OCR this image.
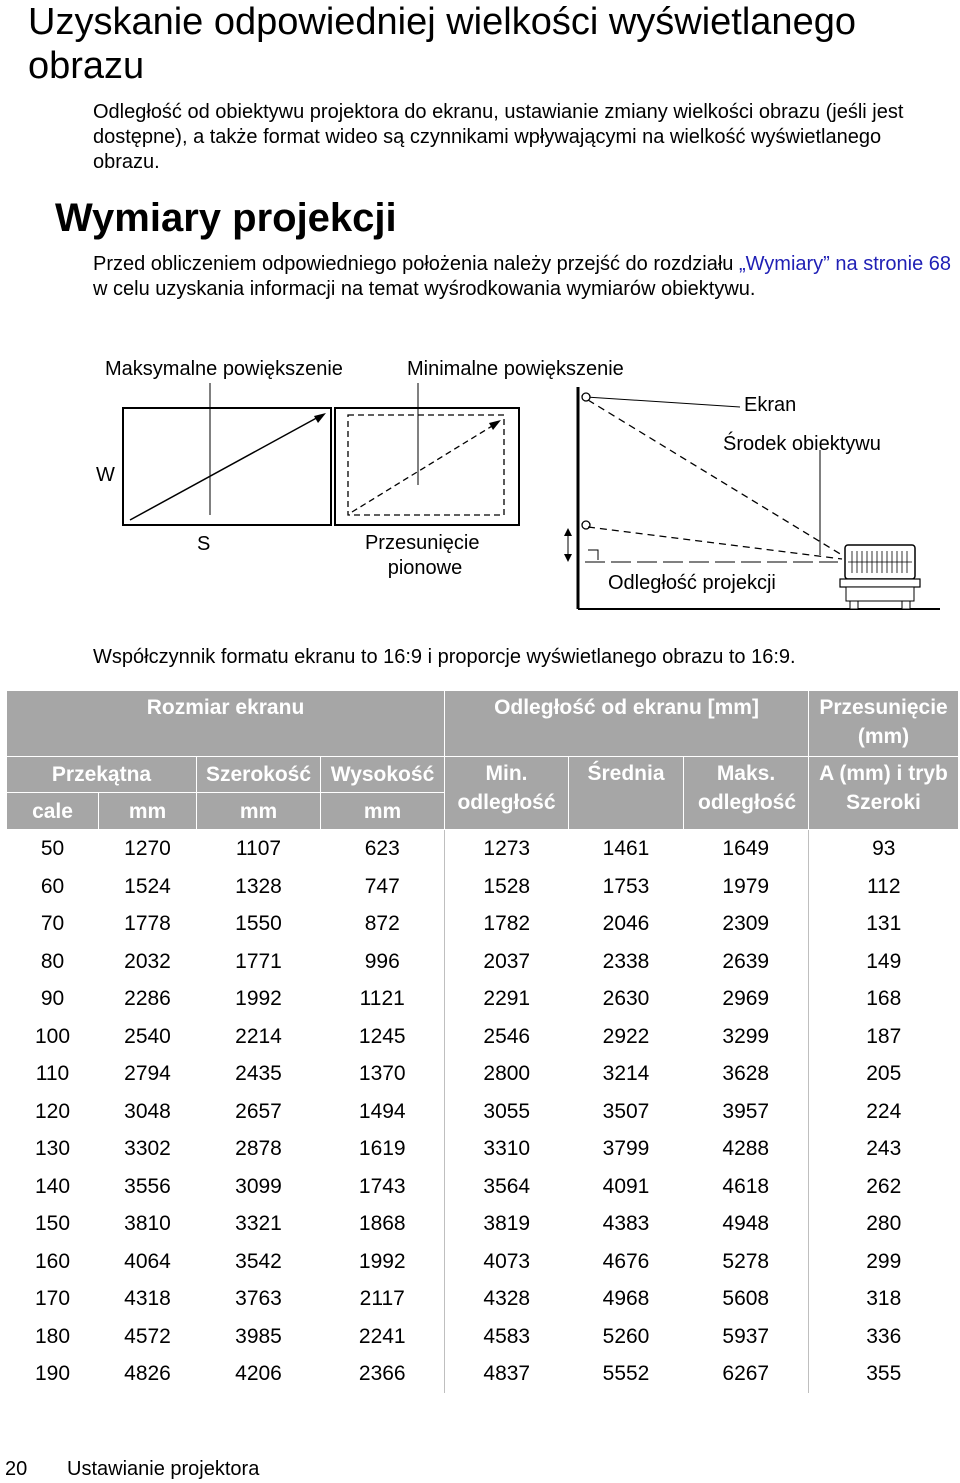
Uzyskanie odpowiedniej wielkości wyświetlanego obrazu

Odległość od obiektywu projektora do ekranu, ustawianie zmiany wielkości obrazu (jeśli jest dostępne), a także format wideo są czynnikami wpływającymi na wielkość wyświetlanego obrazu.

Wymiary projekcji

Przed obliczeniem odpowiedniego położenia należy przejść do rozdziału „Wymiary” na stronie 68 w celu uzyskania informacji na temat wyśrodkowania wymiarów obiektywu.

Maksymalne powiększenie	Minimalne powiększenie
W
S	Przesunięcie pionowe
Ekran
Środek obiektywu
Odległość projekcji

Współczynnik formatu ekranu to 16:9 i proporcje wyświetlanego obrazu to 16:9.

Rozmiar ekranu				Odległość od ekranu [mm]			Przesunięcie (mm)
Przekątna		Szerokość	Wysokość	Min. odległość	Średnia	Maks. odległość	A (mm) i tryb Szeroki
cale	mm	mm	mm				
50	1270	1107	623	1273	1461	1649	93
60	1524	1328	747	1528	1753	1979	112
70	1778	1550	872	1782	2046	2309	131
80	2032	1771	996	2037	2338	2639	149
90	2286	1992	1121	2291	2630	2969	168
100	2540	2214	1245	2546	2922	3299	187
110	2794	2435	1370	2800	3214	3628	205
120	3048	2657	1494	3055	3507	3957	224
130	3302	2878	1619	3310	3799	4288	243
140	3556	3099	1743	3564	4091	4618	262
150	3810	3321	1868	3819	4383	4948	280
160	4064	3542	1992	4073	4676	5278	299
170	4318	3763	2117	4328	4968	5608	318
180	4572	3985	2241	4583	5260	5937	336
190	4826	4206	2366	4837	5552	6267	355
20 Ustawianie projektora
